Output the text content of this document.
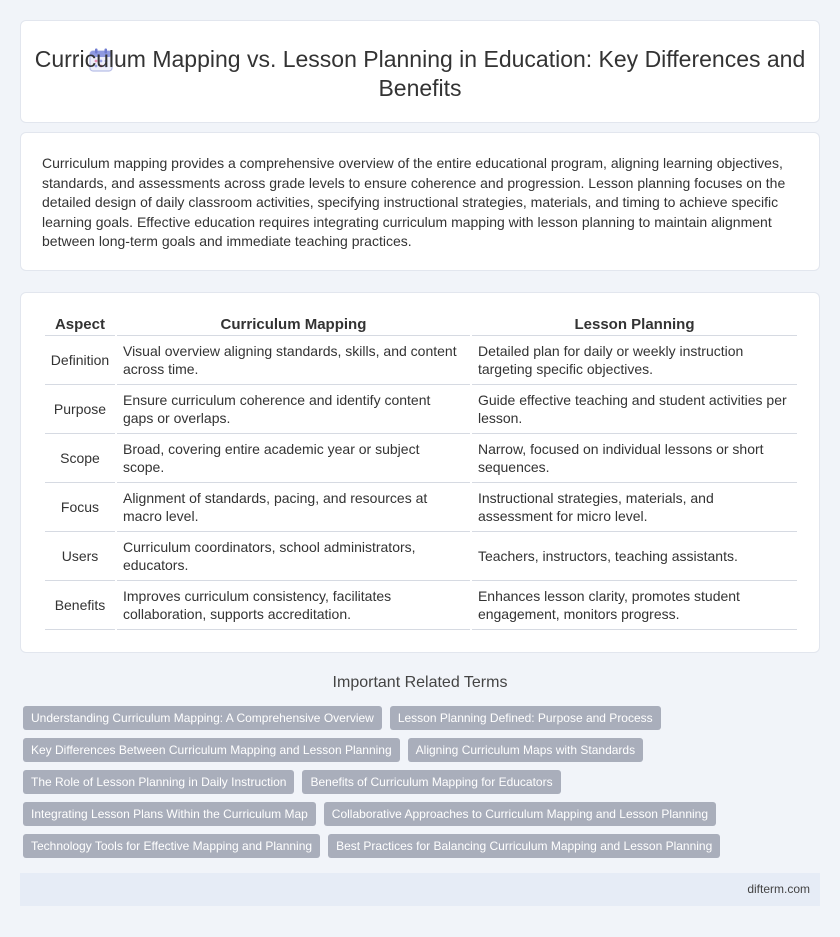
Curriculum Mapping vs. Lesson Planning in Education: Key Differences and Benefits

Curriculum mapping provides a comprehensive overview of the entire educational program, aligning learning objectives, standards, and assessments across grade levels to ensure coherence and progression. Lesson planning focuses on the detailed design of daily classroom activities, specifying instructional strategies, materials, and timing to achieve specific learning goals. Effective education requires integrating curriculum mapping with lesson planning to maintain alignment between long-term goals and immediate teaching practices.

Aspect	Curriculum Mapping	Lesson Planning
Definition	Visual overview aligning standards, skills, and content across time.	Detailed plan for daily or weekly instruction targeting specific objectives.
Purpose	Ensure curriculum coherence and identify content gaps or overlaps.	Guide effective teaching and student activities per lesson.
Scope	Broad, covering entire academic year or subject scope.	Narrow, focused on individual lessons or short sequences.
Focus	Alignment of standards, pacing, and resources at macro level.	Instructional strategies, materials, and assessment for micro level.
Users	Curriculum coordinators, school administrators, educators.	Teachers, instructors, teaching assistants.
Benefits	Improves curriculum consistency, facilitates collaboration, supports accreditation.	Enhances lesson clarity, promotes student engagement, monitors progress.
Important Related Terms
Understanding Curriculum Mapping: A Comprehensive Overview	Lesson Planning Defined: Purpose and Process
Key Differences Between Curriculum Mapping and Lesson Planning	Aligning Curriculum Maps with Standards
The Role of Lesson Planning in Daily Instruction	Benefits of Curriculum Mapping for Educators
Integrating Lesson Plans Within the Curriculum Map	Collaborative Approaches to Curriculum Mapping and Lesson Planning
Technology Tools for Effective Mapping and Planning	Best Practices for Balancing Curriculum Mapping and Lesson Planning
difterm.com
